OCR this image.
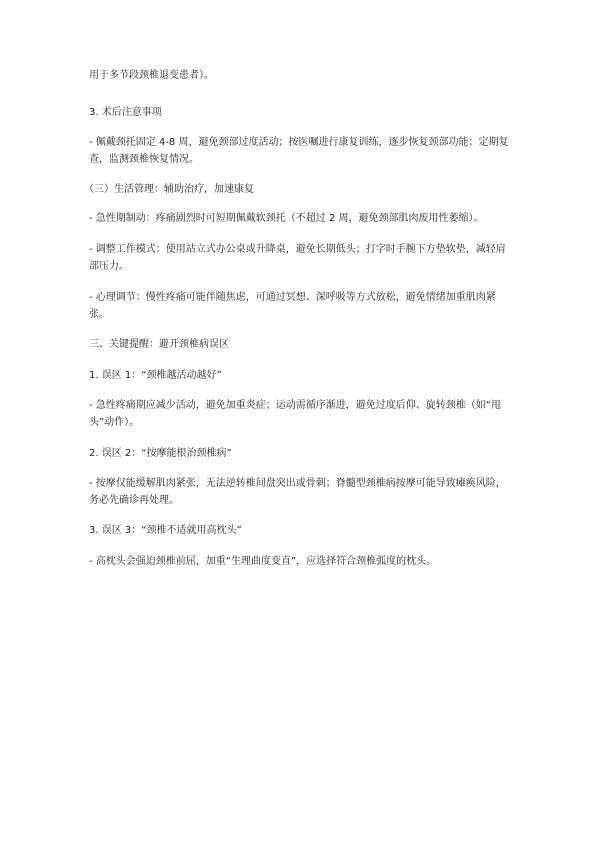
用于多节段颈椎退变患者）。

3. 术后注意事项

- 佩戴颈托固定 4-8 周，避免颈部过度活动；按医嘱进行康复训练，逐步恢复颈部功能；定期复查，监测颈椎恢复情况。

（三）生活管理：辅助治疗，加速康复

- 急性期制动：疼痛剧烈时可短期佩戴软颈托（不超过 2 周，避免颈部肌肉废用性萎缩）。

- 调整工作模式：使用站立式办公桌或升降桌，避免长期低头；打字时手腕下方垫软垫，减轻肩部压力。

- 心理调节：慢性疼痛可能伴随焦虑，可通过冥想、深呼吸等方式放松，避免情绪加重肌肉紧张。

三、关键提醒：避开颈椎病误区

1. 误区 1：“颈椎越活动越好”

- 急性疼痛期应减少活动，避免加重炎症；运动需循序渐进，避免过度后仰、旋转颈椎（如“甩头”动作）。

2. 误区 2：“按摩能根治颈椎病”

- 按摩仅能缓解肌肉紧张，无法逆转椎间盘突出或骨刺；脊髓型颈椎病按摩可能导致瘫痪风险，务必先确诊再处理。

3. 误区 3：“颈椎不适就用高枕头”

- 高枕头会强迫颈椎前屈，加重“生理曲度变直”，应选择符合颈椎弧度的枕头。
